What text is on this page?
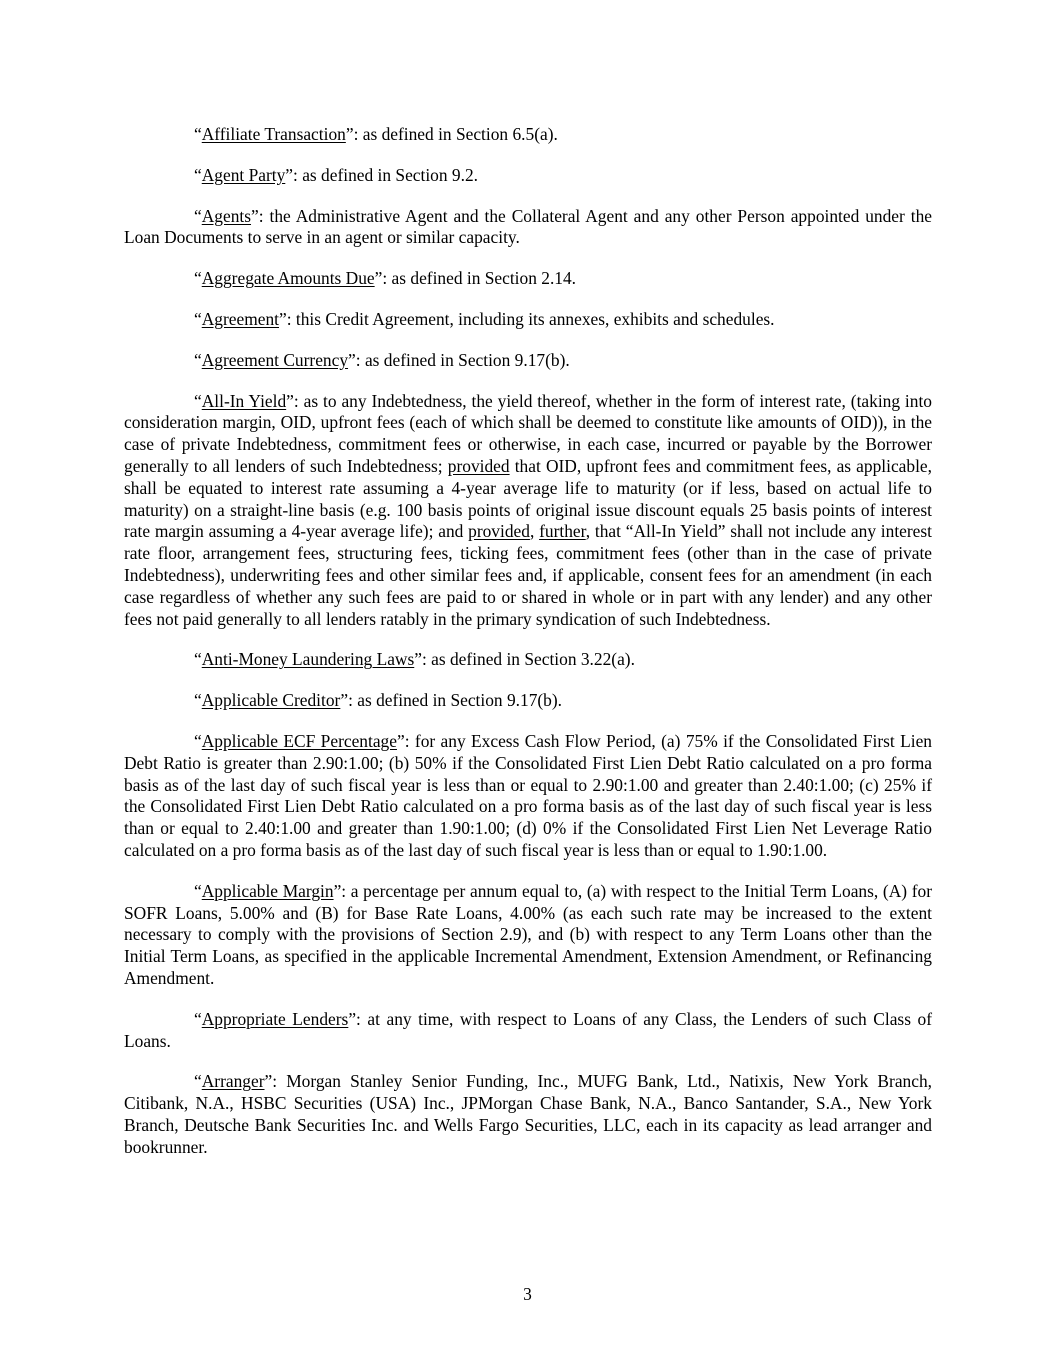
“Affiliate Transaction”: as defined in Section 6.5(a).

“Agent Party”: as defined in Section 9.2.

“Agents”: the Administrative Agent and the Collateral Agent and any other Person appointed under the Loan Documents to serve in an agent or similar capacity.

“Aggregate Amounts Due”: as defined in Section 2.14.

“Agreement”: this Credit Agreement, including its annexes, exhibits and schedules.

“Agreement Currency”: as defined in Section 9.17(b).

“All-In Yield”: as to any Indebtedness, the yield thereof, whether in the form of interest rate, (taking into consideration margin, OID, upfront fees (each of which shall be deemed to constitute like amounts of OID)), in the case of private Indebtedness, commitment fees or otherwise, in each case, incurred or payable by the Borrower generally to all lenders of such Indebtedness; provided that OID, upfront fees and commitment fees, as applicable, shall be equated to interest rate assuming a 4-year average life to maturity (or if less, based on actual life to maturity) on a straight-line basis (e.g. 100 basis points of original issue discount equals 25 basis points of interest rate margin assuming a 4-year average life); and provided, further, that “All-In Yield” shall not include any interest rate floor, arrangement fees, structuring fees, ticking fees, commitment fees (other than in the case of private Indebtedness), underwriting fees and other similar fees and, if applicable, consent fees for an amendment (in each case regardless of whether any such fees are paid to or shared in whole or in part with any lender) and any other fees not paid generally to all lenders ratably in the primary syndication of such Indebtedness.

“Anti-Money Laundering Laws”: as defined in Section 3.22(a).

“Applicable Creditor”: as defined in Section 9.17(b).

“Applicable ECF Percentage”: for any Excess Cash Flow Period, (a) 75% if the Consolidated First Lien Debt Ratio is greater than 2.90:1.00; (b) 50% if the Consolidated First Lien Debt Ratio calculated on a pro forma basis as of the last day of such fiscal year is less than or equal to 2.90:1.00 and greater than 2.40:1.00; (c) 25% if the Consolidated First Lien Debt Ratio calculated on a pro forma basis as of the last day of such fiscal year is less than or equal to 2.40:1.00 and greater than 1.90:1.00; (d) 0% if the Consolidated First Lien Net Leverage Ratio calculated on a pro forma basis as of the last day of such fiscal year is less than or equal to 1.90:1.00.

“Applicable Margin”: a percentage per annum equal to, (a) with respect to the Initial Term Loans, (A) for SOFR Loans, 5.00% and (B) for Base Rate Loans, 4.00% (as each such rate may be increased to the extent necessary to comply with the provisions of Section 2.9), and (b) with respect to any Term Loans other than the Initial Term Loans, as specified in the applicable Incremental Amendment, Extension Amendment, or Refinancing Amendment.

“Appropriate Lenders”: at any time, with respect to Loans of any Class, the Lenders of such Class of Loans.

“Arranger”: Morgan Stanley Senior Funding, Inc., MUFG Bank, Ltd., Natixis, New York Branch, Citibank, N.A., HSBC Securities (USA) Inc., JPMorgan Chase Bank, N.A., Banco Santander, S.A., New York Branch, Deutsche Bank Securities Inc. and Wells Fargo Securities, LLC, each in its capacity as lead arranger and bookrunner.

3
